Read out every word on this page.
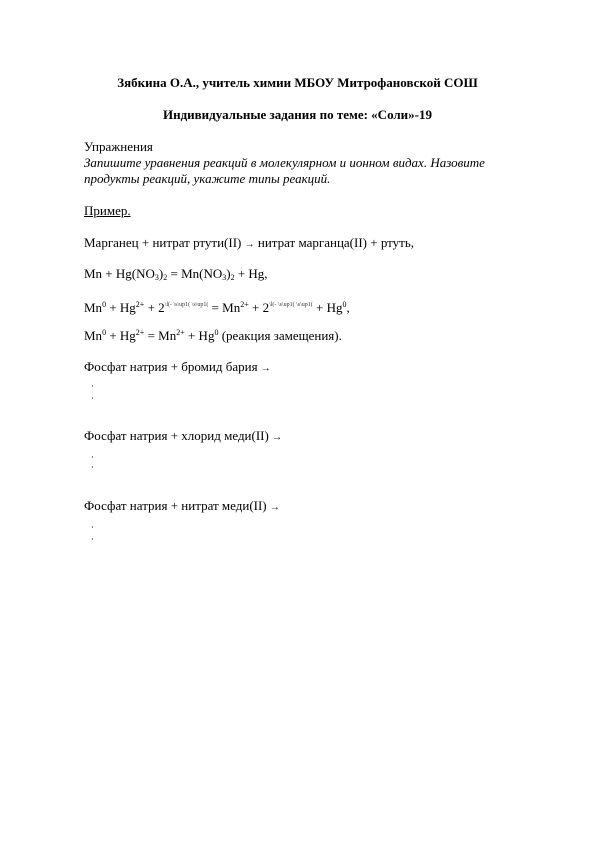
Зябкина О.А., учитель химии МБОУ Митрофановской СОШ
Индивидуальные задания по теме: «Соли»-19
Упражнения
Запишите уравнения реакций в молекулярном и ионном видах. Назовите
продукты реакций, укажите типы реакций.
Пример.
Марганец + нитрат ртути(II) → нитрат марганца(II) + ртуть,
$Mn + Hg(NO_3)_2 = Mn(NO_3)_2 + Hg$,
$Mn^0 + Hg^{2+} + 2^{\backslash l(- \backslash s\backslash up1( \backslash s\backslash up1(} = Mn^{2+} + 2^{\backslash l(- \backslash s\backslash up1( \backslash s\backslash up1(} + Hg^0$,
$Mn^0 + Hg^{2+} = Mn^{2+} + Hg^0$ (реакция замещения).
Фосфат натрия + бромид бария →
Фосфат натрия + хлорид меди(II) →
Фосфат натрия + нитрат меди(II) →
